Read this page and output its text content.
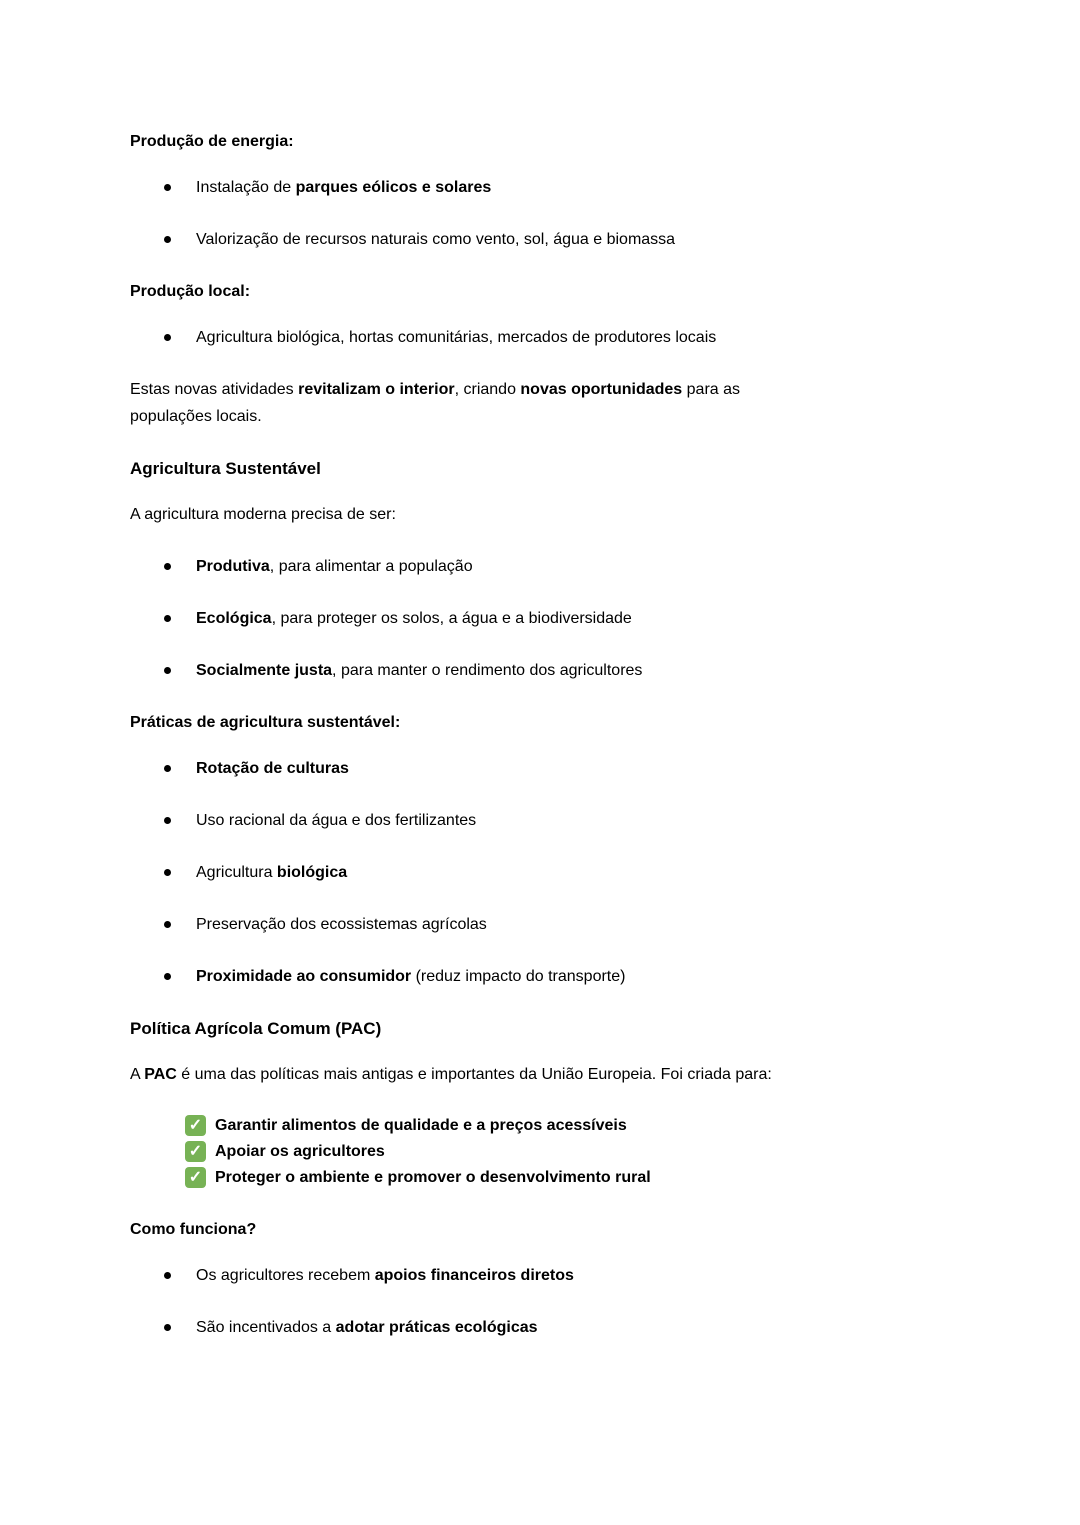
Produção de energia:

Instalação de parques eólicos e solares
Valorização de recursos naturais como vento, sol, água e biomassa

Produção local:

Agricultura biológica, hortas comunitárias, mercados de produtores locais

Estas novas atividades revitalizam o interior, criando novas oportunidades para as
populações locais.

Agricultura Sustentável

A agricultura moderna precisa de ser:

Produtiva, para alimentar a população
Ecológica, para proteger os solos, a água e a biodiversidade
Socialmente justa, para manter o rendimento dos agricultores

Práticas de agricultura sustentável:

Rotação de culturas
Uso racional da água e dos fertilizantes
Agricultura biológica
Preservação dos ecossistemas agrícolas
Proximidade ao consumidor (reduz impacto do transporte)

Política Agrícola Comum (PAC)

A PAC é uma das políticas mais antigas e importantes da União Europeia. Foi criada para:

✓ Garantir alimentos de qualidade e a preços acessíveis
✓ Apoiar os agricultores
✓ Proteger o ambiente e promover o desenvolvimento rural

Como funciona?

Os agricultores recebem apoios financeiros diretos
São incentivados a adotar práticas ecológicas
